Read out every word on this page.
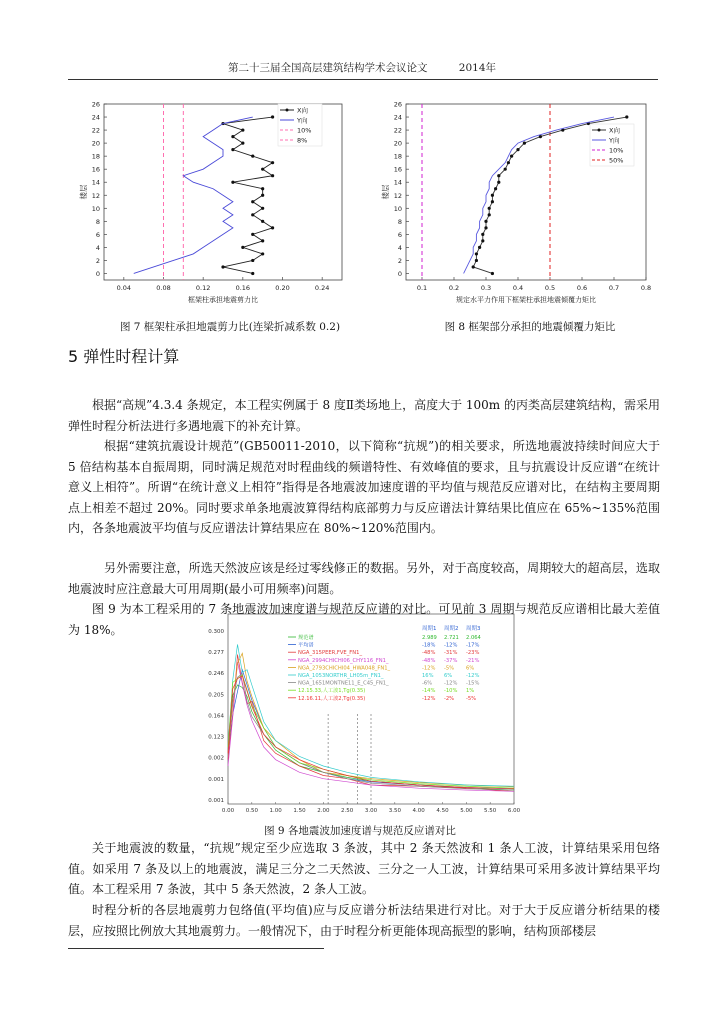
第二十三届全国高层建筑结构学术会议论文	2014年
0
2
4
6
8
10
12
14
16
18
20
22
24
26
0.04	0.08	0.12	0.16	0.20	0.24
框架柱承担地震剪力比
楼层
X向
Y向
10%
8%
图 7 框架柱承担地震剪力比(连梁折减系数 0.2)
0
2
4
6
8
10
12
14
16
18
20
22
24
26
0.1	0.2	0.3	0.4	0.5	0.6	0.7	0.8
规定水平力作用下框架柱承担地震倾覆力矩比
楼层
X向
Y向
10%
50%
图 8 框架部分承担的地震倾覆力矩比
5 弹性时程计算

根据“高规”4.3.4 条规定，本工程实例属于 8 度Ⅱ类场地上，高度大于 100m 的丙类高层建筑结构，需采用弹性时程分析法进行多遇地震下的补充计算。

根据“建筑抗震设计规范”(GB50011-2010，以下简称“抗规”)的相关要求，所选地震波持续时间应大于 5 倍结构基本自振周期，同时满足规范对时程曲线的频谱特性、有效峰值的要求，且与抗震设计反应谱“在统计意义上相符”。所谓“在统计意义上相符”指得是各地震波加速度谱的平均值与规范反应谱对比，在结构主要周期点上相差不超过 20%。同时要求单条地震波算得结构底部剪力与反应谱法计算结果比值应在 65%~135%范围内，各条地震波平均值与反应谱法计算结果应在 80%~120%范围内。

另外需要注意，所选天然波应该是经过零线修正的数据。另外，对于高度较高，周期较大的超高层，选取地震波时应注意最大可用周期(最小可用频率)问题。

图 9 为本工程采用的 7 条地震波加速度谱与规范反应谱的对比。可见前 3 周期与规范反应谱相比最大差值为 18%。

0.001
0.001
0.002
0.123
0.164
0.205
0.246
0.277
0.300
0.00 0.50 1.00 1.50 2.00 2.50 3.00 3.50 4.00 4.50 5.00 5.50 6.00
周期1 周期2 周期3
规范谱	2.989 2.721 2.064
平均谱	-18% -12% -17%
NGA_315PEER,FVE_FN1_	-48% -31% -23%
NGA_2994CHICHI06_CHY116_FN1_	-48% -37% -21%
NGA_2793CHICHI04_HWA048_FN1_	-12% -5% 6%
NGA_1053NORTHR_LH05m_FN1_	16% 6%	-12%
NGA_1651MONTNE11_E_C45_FN1_	-6% -12% -15%
12.15.33,人工波1,Tg(0.35)	-14% -10% 1%
12.16.11,人工波2,Tg(0.35)	-12% -2% -5%
图 9 各地震波加速度谱与规范反应谱对比

关于地震波的数量，“抗规”规定至少应选取 3 条波，其中 2 条天然波和 1 条人工波，计算结果采用包络值。如采用 7 条及以上的地震波，满足三分之二天然波、三分之一人工波，计算结果可采用多波计算结果平均值。本工程采用 7 条波，其中 5 条天然波，2 条人工波。

时程分析的各层地震剪力包络值(平均值)应与反应谱分析法结果进行对比。对于大于反应谱分析结果的楼层，应按照比例放大其地震剪力。一般情况下，由于时程分析更能体现高振型的影响，结构顶部楼层
